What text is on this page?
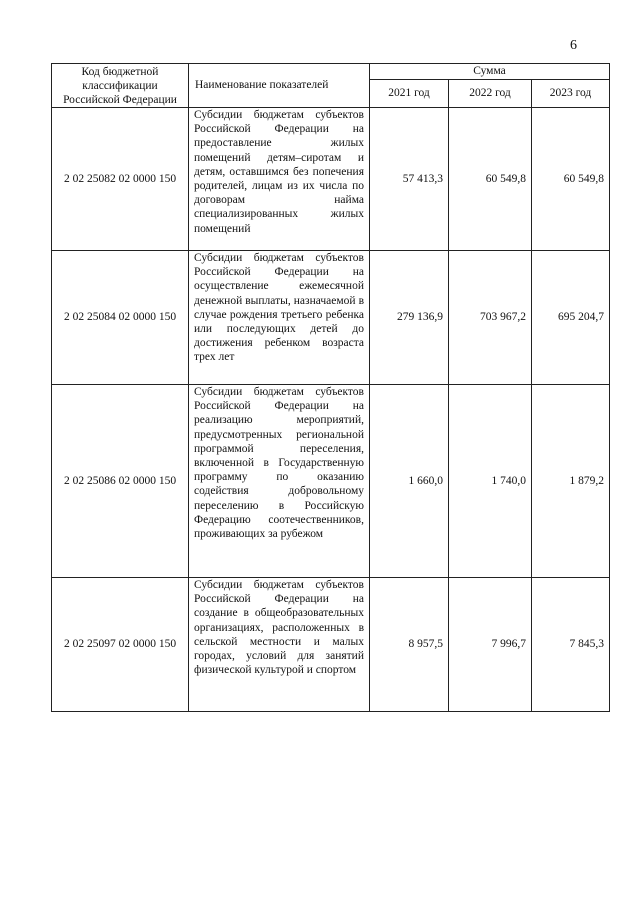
6
Код бюджетной классификации Российской Федерации	Наименование показателей	Сумма		
		2021 год	2022 год	2023 год
2 02 25082 02 0000 150	Субсидии бюджетам субъектов Российской Федерации на предоставление жилых помещений детям–сиротам и детям, оставшимся без попечения родителей, лицам из их числа по договорам найма специализированных жилых помещений	57 413,3	60 549,8	60 549,8
2 02 25084 02 0000 150	Субсидии бюджетам субъектов Российской Федерации на осуществление ежемесячной денежной выплаты, назначаемой в случае рождения третьего ребенка или последующих детей до достижения ребенком возраста трех лет	279 136,9	703 967,2	695 204,7
2 02 25086 02 0000 150	Субсидии бюджетам субъектов Российской Федерации на реализацию мероприятий, предусмотренных региональной программой переселения, включенной в Государственную программу по оказанию содействия добровольному переселению в Российскую Федерацию соотечественников, проживающих за рубежом	1 660,0	1 740,0	1 879,2
2 02 25097 02 0000 150	Субсидии бюджетам субъектов Российской Федерации на создание в общеобразовательных организациях, расположенных в сельской местности и малых городах, условий для занятий физической культурой и спортом	8 957,5	7 996,7	7 845,3
